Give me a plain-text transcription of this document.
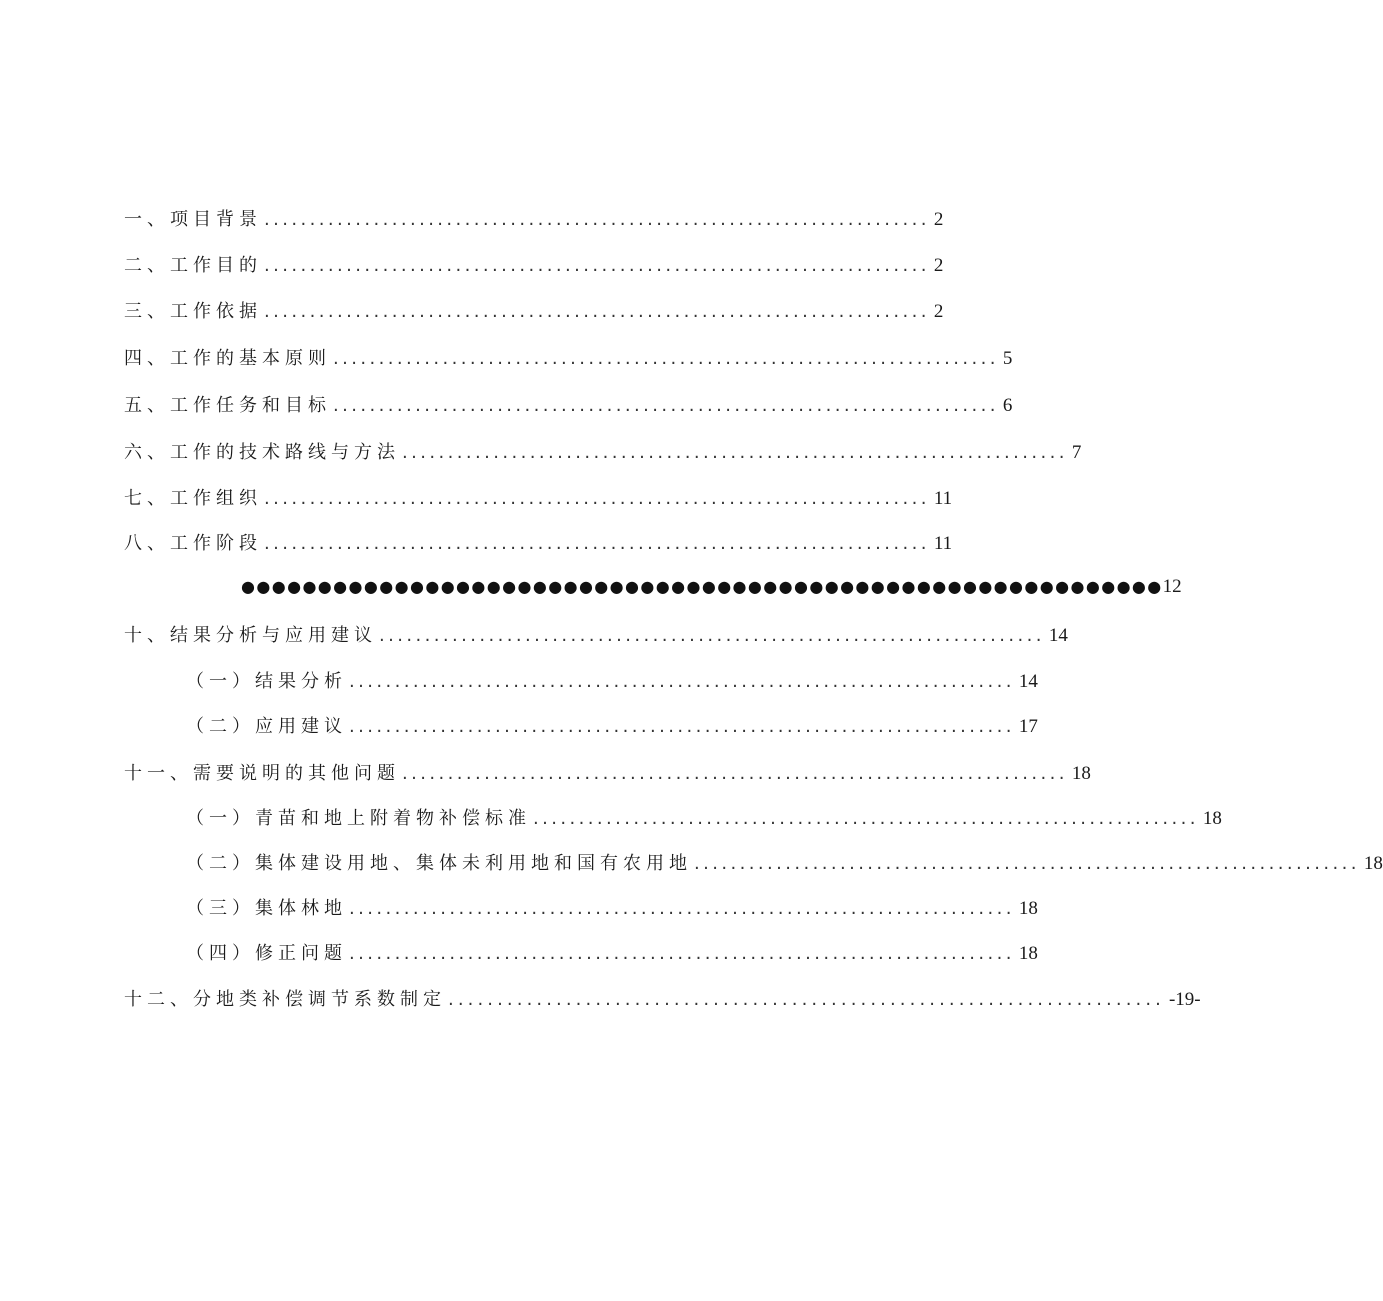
一、项目背景 ......................................................................... 2
二、工作目的 ......................................................................... 2
三、工作依据 ......................................................................... 2
四、工作的基本原则 ......................................................................... 5
五、工作任务和目标 ......................................................................... 6
六、工作的技术路线与方法 ......................................................................... 7
七、工作组织 ......................................................................... 11
八、工作阶段 ......................................................................... 11
●●●●●●●●●●●●●●●●●●●●●●●●●●●●●●●●●●●●●●●●●●●●●●●●●●●●●●●●●●●● 12
十、结果分析与应用建议 ......................................................................... 14
（一）结果分析 ......................................................................... 14
（二）应用建议 ......................................................................... 17
十一、需要说明的其他问题 ......................................................................... 18
（一）青苗和地上附着物补偿标准 ......................................................................... 18
（二）集体建设用地、集体未利用地和国有农用地 ......................................................................... 18
（三）集体林地 ......................................................................... 18
（四）修正问题 ......................................................................... 18
十二、分地类补偿调节系数制定 ......................................................................... -19-
